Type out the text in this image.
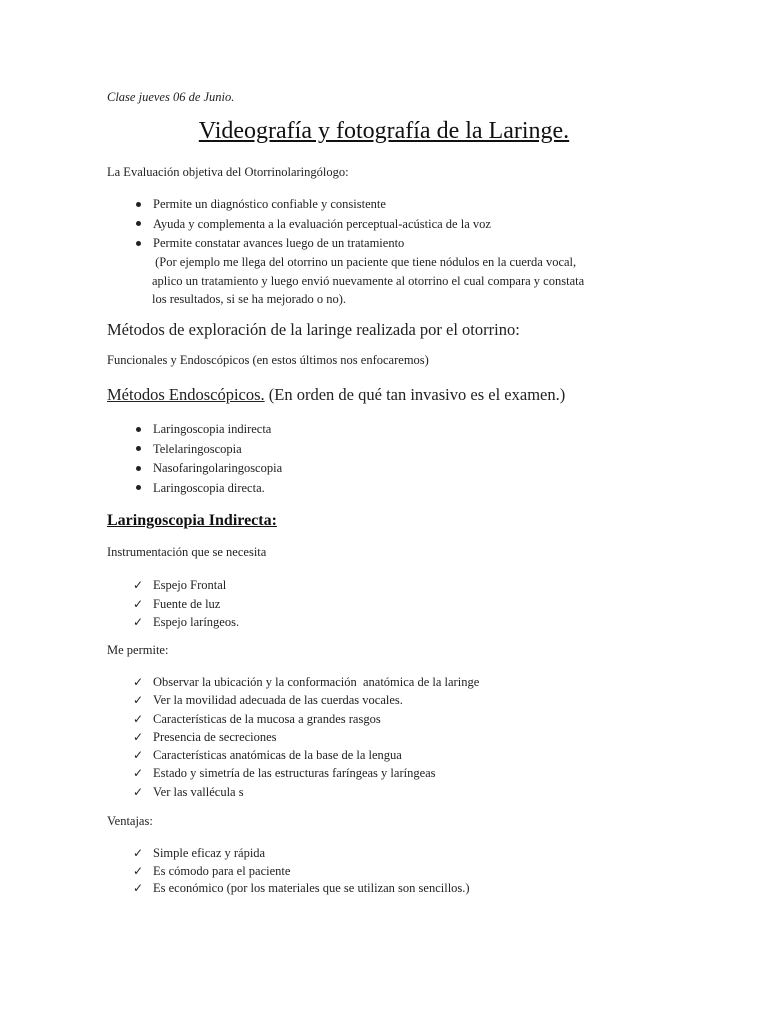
Clase jueves 06 de Junio.
Videografía y fotografía de la Laringe.
La Evaluación objetiva del Otorrinolaringólogo:
Permite un diagnóstico confiable y consistente
Ayuda y complementa a la evaluación perceptual-acústica de la voz
Permite constatar avances luego de un tratamiento
(Por ejemplo me llega del otorrino un paciente que tiene nódulos en la cuerda vocal,
aplico un tratamiento y luego envió nuevamente al otorrino el cual compara y constata
los resultados, si se ha mejorado o no).
Métodos de exploración de la laringe realizada por el otorrino:
Funcionales y Endoscópicos (en estos últimos nos enfocaremos)
Métodos Endoscópicos. (En orden de qué tan invasivo es el examen.)
Laringoscopia indirecta
Telelaringoscopia
Nasofaringolaringoscopia
Laringoscopia directa.
Laringoscopia Indirecta:
Instrumentación que se necesita
✓ Espejo Frontal
✓ Fuente de luz
✓ Espejo laríngeos.
Me permite:
✓ Observar la ubicación y la conformación  anatómica de la laringe
✓ Ver la movilidad adecuada de las cuerdas vocales.
✓ Características de la mucosa a grandes rasgos
✓ Presencia de secreciones
✓ Características anatómicas de la base de la lengua
✓ Estado y simetría de las estructuras faríngeas y laríngeas
✓ Ver las vallécula s
Ventajas:
✓ Simple eficaz y rápida
✓ Es cómodo para el paciente
✓ Es económico (por los materiales que se utilizan son sencillos.)
